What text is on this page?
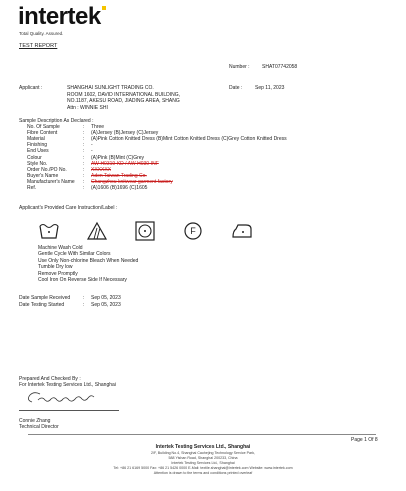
intertek
Total Quality. Assured.
TEST REPORT
Number : SHAT07742058
Date :	Sep 11, 2023
Applicant :	SHANGHAI SUNLIGHT TRADING CO.
ROOM 1602, DAVID INTERNATIONAL BUILDING,
NO.1187, AKESU ROAD, JIADING AREA, SHANG
Attn : WINNIE SHI
Sample Description As Declared :
No. Of Sample	: Three
Fibre Content	: (A)Jersey (B)Jersey (C)Jersey
Material	: (A)Pink Cotton Knitted Dress (B)Mint Cotton Knitted Dress (C)Grey Cotton Knitted Dress
Finishing	: -
End Uses	: -
Colour	: (A)Pink (B)Mint (C)Grey
Style No.	: AW-H0319-KD / AW-H030-INF
Order No./PO No.	: XXXXXX
Buyer's Name	: Aden Taiwan Trading Co.
Manufacturer's Name : Changzhou knitwear garment factory
Ref.	: (A)1606 (B)1696 (C)1605
Applicant's Provided Care Instruction/Label :
F
Machine Wash Cold
Gentle Cycle With Similar Colors
Use Only Non-chlorine Bleach When Needed
Tumble Dry low
Remove Promptly
Cool Iron On Reverse Side If Necessary
Date Sample Received	: Sep 05, 2023
Date Testing Started	: Sep 05, 2023
Prepared And Checked By :
For Intertek Testing Services Ltd., Shanghai
Connie Zhang
Technical Director
Page 1 Of 8
Intertek Testing Services Ltd., Shanghai
2/F, Building No.4, Shanghai Caohejing Technology Service Park,
588 Yishan Road, Shanghai 200233, China
Intertek Testing Services Ltd., Shanghai
Tel: +86 21 6169 5000 Fax: +86 21 5426 0000 E-Mail: textile.shanghai@intertek.com Website: www.intertek.com
Attention is drawn to the terms and conditions printed overleaf
